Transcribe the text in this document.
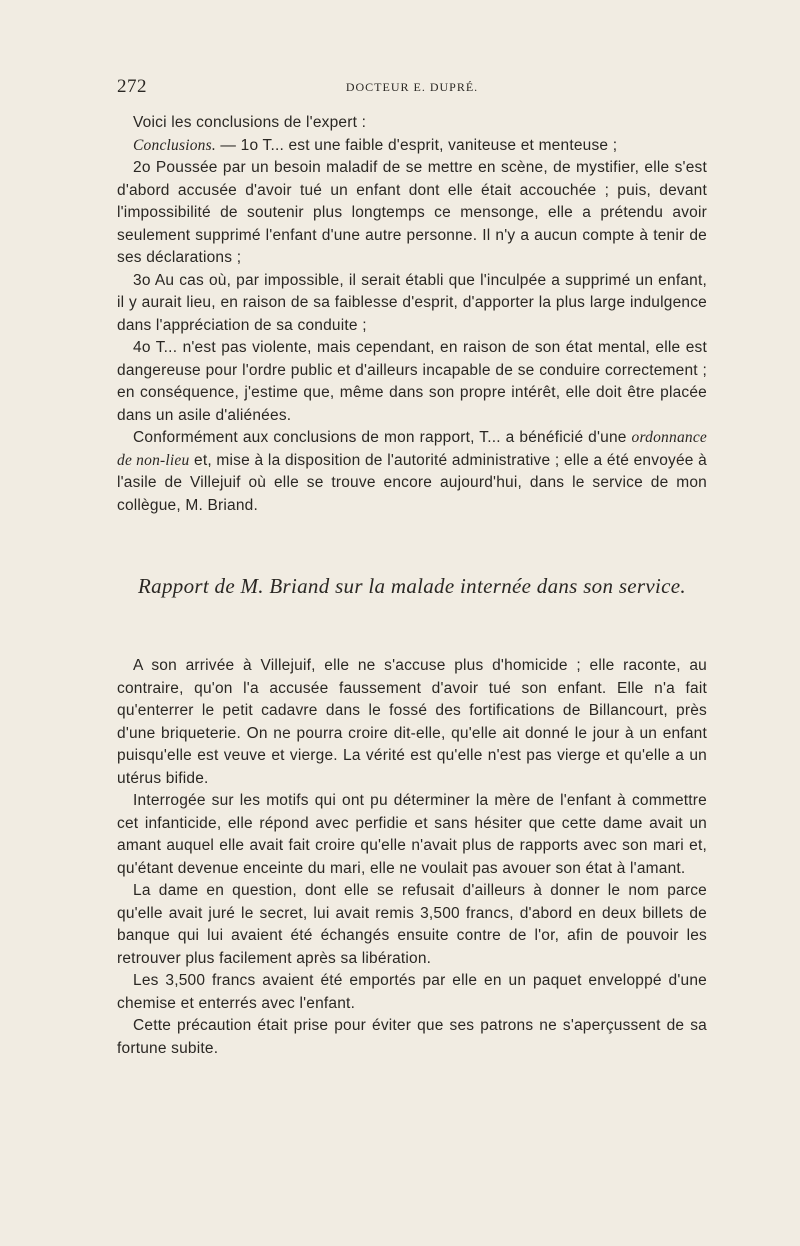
272	DOCTEUR E. DUPRÉ.

Voici les conclusions de l'expert :

Conclusions. — 1o T... est une faible d'esprit, vaniteuse et menteuse ;

2o Poussée par un besoin maladif de se mettre en scène, de mystifier, elle s'est d'abord accusée d'avoir tué un enfant dont elle était accouchée ; puis, devant l'impossibilité de soutenir plus longtemps ce mensonge, elle a prétendu avoir seulement supprimé l'enfant d'une autre personne. Il n'y a aucun compte à tenir de ses déclarations ;

3o Au cas où, par impossible, il serait établi que l'inculpée a supprimé un enfant, il y aurait lieu, en raison de sa faiblesse d'esprit, d'apporter la plus large indulgence dans l'appréciation de sa conduite ;

4o T... n'est pas violente, mais cependant, en raison de son état mental, elle est dangereuse pour l'ordre public et d'ailleurs incapable de se conduire correctement ; en conséquence, j'estime que, même dans son propre intérêt, elle doit être placée dans un asile d'aliénées.

Conformément aux conclusions de mon rapport, T... a bénéficié d'une ordonnance de non-lieu et, mise à la disposition de l'autorité administrative ; elle a été envoyée à l'asile de Villejuif où elle se trouve encore aujourd'hui, dans le service de mon collègue, M. Briand.

Rapport de M. Briand sur la malade internée dans son service.

A son arrivée à Villejuif, elle ne s'accuse plus d'homicide ; elle raconte, au contraire, qu'on l'a accusée faussement d'avoir tué son enfant. Elle n'a fait qu'enterrer le petit cadavre dans le fossé des fortifications de Billancourt, près d'une briqueterie. On ne pourra croire dit-elle, qu'elle ait donné le jour à un enfant puisqu'elle est veuve et vierge. La vérité est qu'elle n'est pas vierge et qu'elle a un utérus bifide.

Interrogée sur les motifs qui ont pu déterminer la mère de l'enfant à commettre cet infanticide, elle répond avec perfidie et sans hésiter que cette dame avait un amant auquel elle avait fait croire qu'elle n'avait plus de rapports avec son mari et, qu'étant devenue enceinte du mari, elle ne voulait pas avouer son état à l'amant.

La dame en question, dont elle se refusait d'ailleurs à donner le nom parce qu'elle avait juré le secret, lui avait remis 3,500 francs, d'abord en deux billets de banque qui lui avaient été échangés ensuite contre de l'or, afin de pouvoir les retrouver plus facilement après sa libération.

Les 3,500 francs avaient été emportés par elle en un paquet enveloppé d'une chemise et enterrés avec l'enfant.

Cette précaution était prise pour éviter que ses patrons ne s'aperçussent de sa fortune subite.
